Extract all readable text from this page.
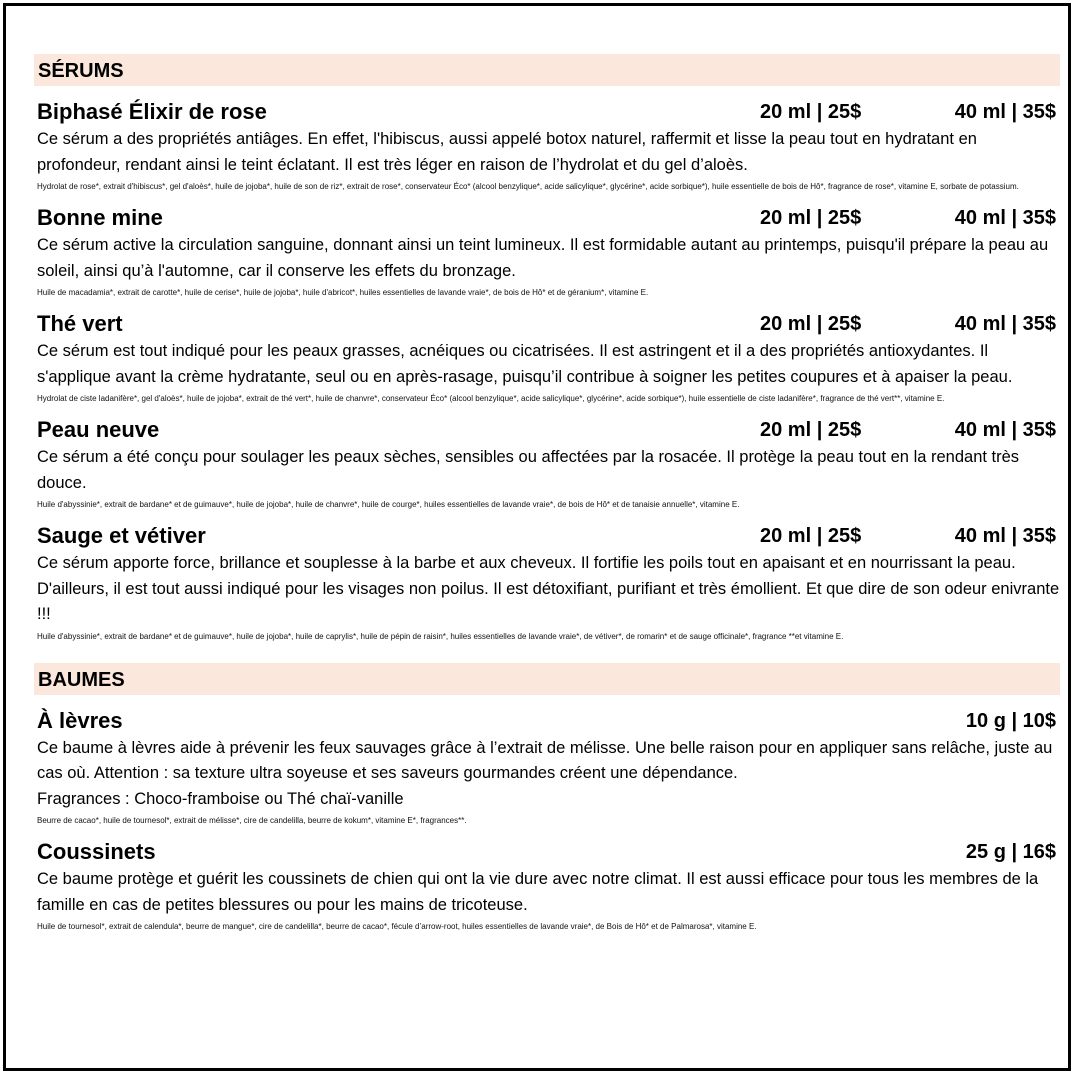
SÉRUMS
Biphasé Élixir de rose	20 ml | 25$	40 ml | 35$
Ce sérum a des propriétés antiâges. En effet, l'hibiscus, aussi appelé botox naturel, raffermit et lisse la peau tout en hydratant en profondeur, rendant ainsi le teint éclatant. Il est très léger en raison de l’hydrolat et du gel d’aloès.
Hydrolat de rose*, extrait d'hibiscus*, gel d'aloès*, huile de jojoba*, huile de son de riz*, extrait de rose*, conservateur Éco* (alcool benzylique*, acide salicylique*, glycérine*, acide sorbique*), huile essentielle de bois de Hô*, fragrance de rose*, vitamine E, sorbate de potassium.
Bonne mine	20 ml | 25$	40 ml | 35$
Ce sérum active la circulation sanguine, donnant ainsi un teint lumineux. Il est formidable autant au printemps, puisqu'il prépare la peau au soleil, ainsi qu’à l'automne, car il conserve les effets du bronzage.
Huile de macadamia*, extrait de carotte*, huile de cerise*, huile de jojoba*, huile d'abricot*, huiles essentielles de lavande vraie*, de bois de Hô* et de géranium*, vitamine E.
Thé vert	20 ml | 25$	40 ml | 35$
Ce sérum est tout indiqué pour les peaux grasses, acnéiques ou cicatrisées. Il est astringent et il a des propriétés antioxydantes. Il s'applique avant la crème hydratante, seul ou en après-rasage, puisqu’il contribue à soigner les petites coupures et à apaiser la peau.
Hydrolat de ciste ladanifère*, gel d'aloès*, huile de jojoba*, extrait de thé vert*, huile de chanvre*, conservateur Éco* (alcool benzylique*, acide salicylique*, glycérine*, acide sorbique*), huile essentielle de ciste ladanifère*, fragrance de thé vert**, vitamine E.
Peau neuve	20 ml | 25$	40 ml | 35$
Ce sérum a été conçu pour soulager les peaux sèches, sensibles ou affectées par la rosacée. Il protège la peau tout en la rendant très douce.
Huile d'abyssinie*, extrait de bardane* et de guimauve*, huile de jojoba*, huile de chanvre*, huile de courge*, huiles essentielles de lavande vraie*, de bois de Hô* et de tanaisie annuelle*, vitamine E.
Sauge et vétiver	20 ml | 25$	40 ml | 35$
Ce sérum apporte force, brillance et souplesse à la barbe et aux cheveux. Il fortifie les poils tout en apaisant et en nourrissant la peau. D'ailleurs, il est tout aussi indiqué pour les visages non poilus. Il est détoxifiant, purifiant et très émollient. Et que dire de son odeur enivrante !!!
Huile d'abyssinie*, extrait de bardane* et de guimauve*, huile de jojoba*, huile de caprylis*, huile de pépin de raisin*, huiles essentielles de lavande vraie*, de vétiver*, de romarin* et de sauge officinale*, fragrance **et vitamine E.
BAUMES
À lèvres	10 g | 10$
Ce baume à lèvres aide à prévenir les feux sauvages grâce à l’extrait de mélisse. Une belle raison pour en appliquer sans relâche, juste au cas où. Attention : sa texture ultra soyeuse et ses saveurs gourmandes créent une dépendance.
Fragrances : Choco-framboise ou Thé chaï-vanille
Beurre de cacao*, huile de tournesol*, extrait de mélisse*, cire de candelilla, beurre de kokum*, vitamine E*, fragrances**.
Coussinets	25 g | 16$
Ce baume protège et guérit les coussinets de chien qui ont la vie dure avec notre climat. Il est aussi efficace pour tous les membres de la famille en cas de petites blessures ou pour les mains de tricoteuse.
Huile de tournesol*, extrait de calendula*, beurre de mangue*, cire de candelilla*, beurre de cacao*, fécule d’arrow-root, huiles essentielles de lavande vraie*, de Bois de Hô* et de Palmarosa*, vitamine E.
